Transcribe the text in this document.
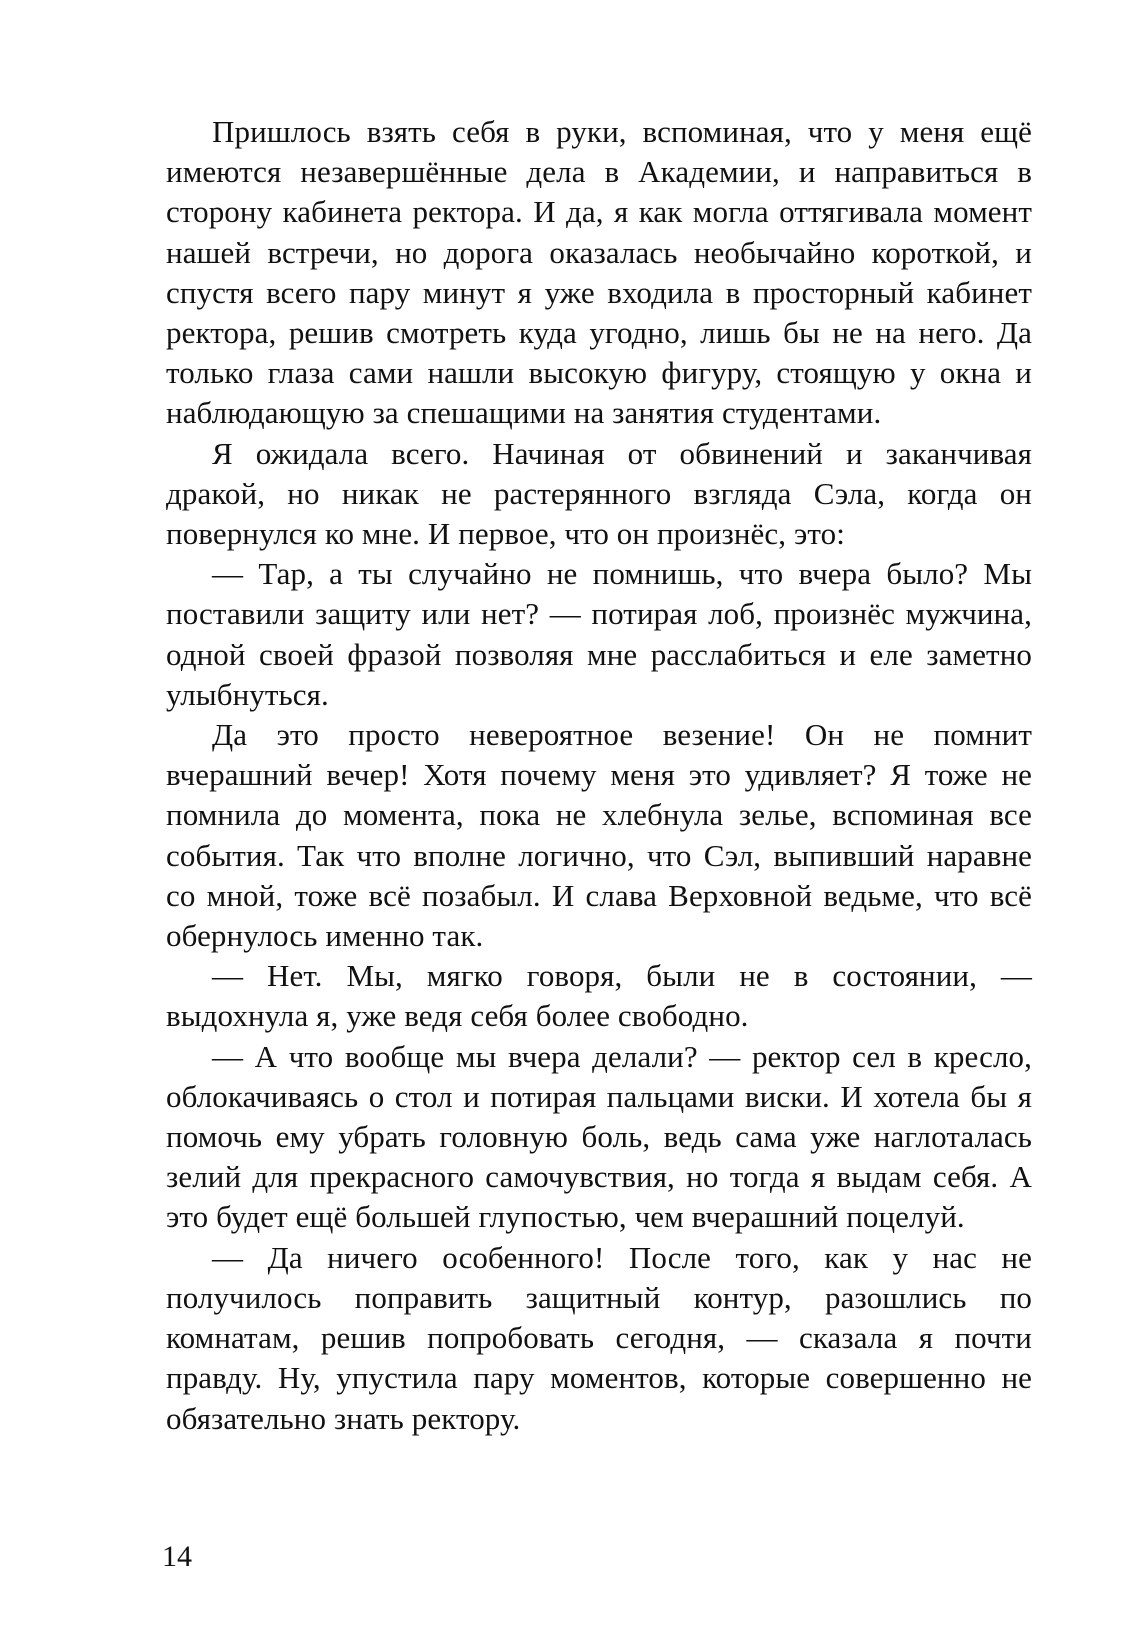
Пришлось взять себя в руки, вспоминая, что у меня ещё имеются незавершённые дела в Академии, и направиться в сторону кабинета ректора. И да, я как могла оттягивала момент нашей встречи, но дорога оказалась необычайно короткой, и спустя всего пару минут я уже входила в просторный кабинет ректора, решив смотреть куда угодно, лишь бы не на него. Да только глаза сами нашли высокую фигуру, стоящую у окна и наблюдающую за спешащими на занятия студентами.

Я ожидала всего. Начиная от обвинений и заканчивая дракой, но никак не растерянного взгляда Сэла, когда он повернулся ко мне. И первое, что он произнёс, это:

— Тар, а ты случайно не помнишь, что вчера было? Мы поставили защиту или нет? — потирая лоб, произнёс мужчина, одной своей фразой позволяя мне расслабиться и еле заметно улыбнуться.

Да это просто невероятное везение! Он не помнит вчерашний вечер! Хотя почему меня это удивляет? Я тоже не помнила до момента, пока не хлебнула зелье, вспоминая все события. Так что вполне логично, что Сэл, выпивший наравне со мной, тоже всё позабыл. И слава Верховной ведьме, что всё обернулось именно так.

— Нет. Мы, мягко говоря, были не в состоянии, — выдохнула я, уже ведя себя более свободно.

— А что вообще мы вчера делали? — ректор сел в кресло, облокачиваясь о стол и потирая пальцами виски. И хотела бы я помочь ему убрать головную боль, ведь сама уже наглоталась зелий для прекрасного самочувствия, но тогда я выдам себя. А это будет ещё большей глупостью, чем вчерашний поцелуй.

— Да ничего особенного! После того, как у нас не получилось поправить защитный контур, разошлись по комнатам, решив попробовать сегодня, — сказала я почти правду. Ну, упустила пару моментов, которые совершенно не обязательно знать ректору.

14
